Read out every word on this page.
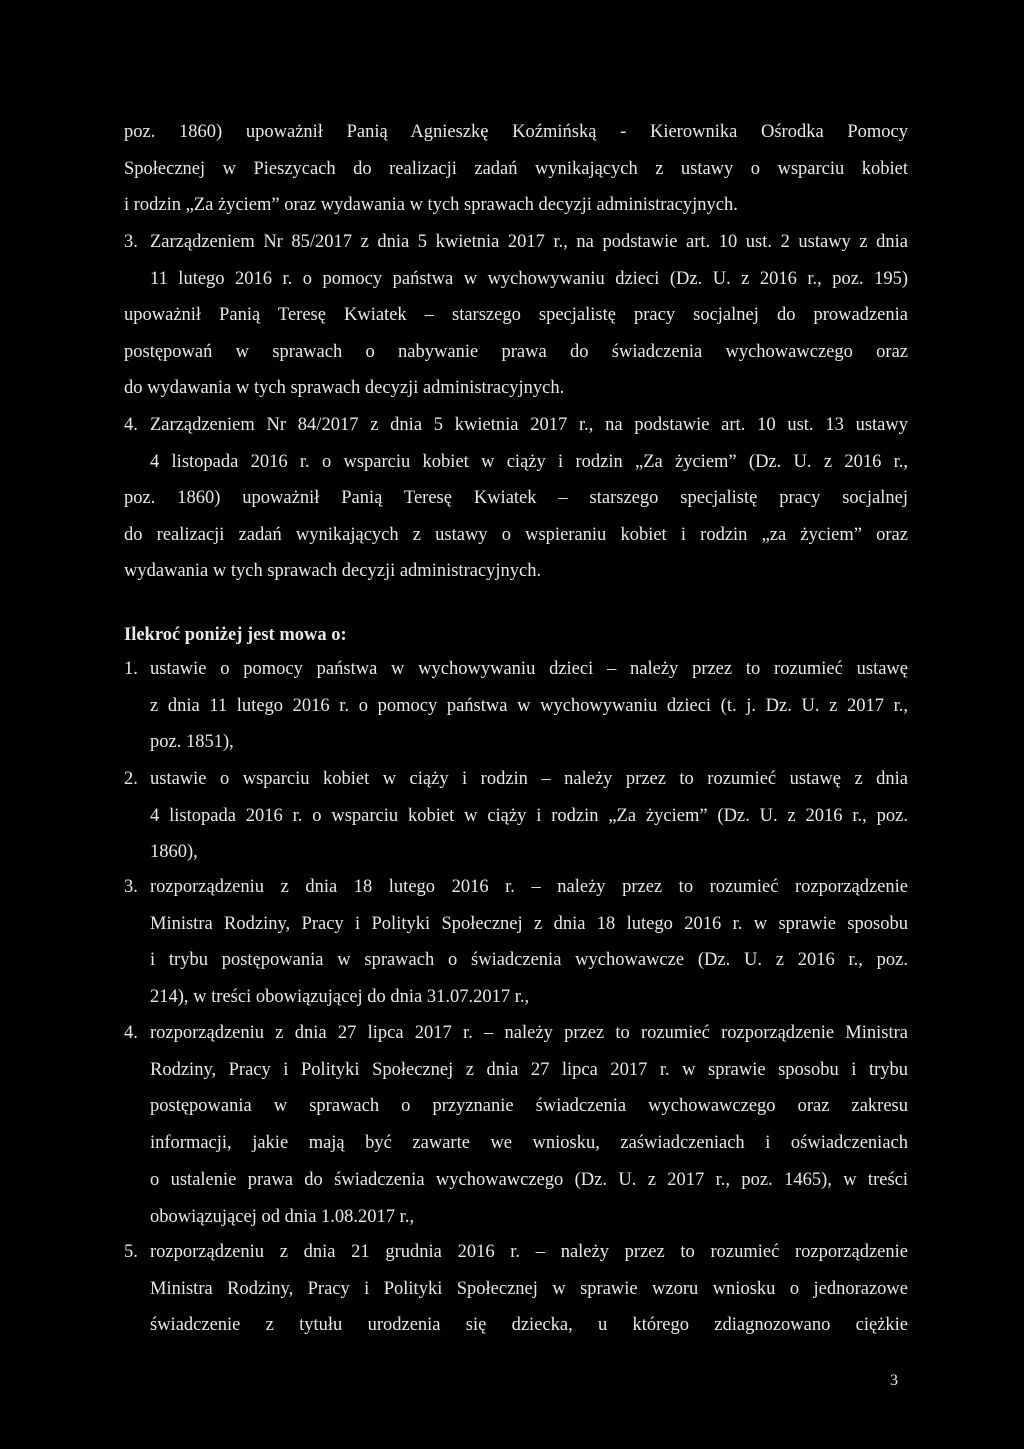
poz. 1860) upoważnił Panią Agnieszkę Koźmińską - Kierownika Ośrodka Pomocy
Społecznej w Pieszycach do realizacji zadań wynikających z ustawy o wsparciu kobiet
i rodzin „Za życiem” oraz wydawania w tych sprawach decyzji administracyjnych.
3. Zarządzeniem Nr 85/2017 z dnia 5 kwietnia 2017 r., na podstawie art. 10 ust. 2 ustawy z dnia
11 lutego 2016 r. o pomocy państwa w wychowywaniu dzieci (Dz. U. z 2016 r., poz. 195)
upoważnił Panią Teresę Kwiatek – starszego specjalistę pracy socjalnej do prowadzenia
postępowań w sprawach o nabywanie prawa do świadczenia wychowawczego oraz
do wydawania w tych sprawach decyzji administracyjnych.
4. Zarządzeniem Nr 84/2017 z dnia 5 kwietnia 2017 r., na podstawie art. 10 ust. 13 ustawy
4 listopada 2016 r. o wsparciu kobiet w ciąży i rodzin „Za życiem” (Dz. U. z 2016 r.,
poz. 1860) upoważnił Panią Teresę Kwiatek – starszego specjalistę pracy socjalnej
do realizacji zadań wynikających z ustawy o wspieraniu kobiet i rodzin „za życiem” oraz
wydawania w tych sprawach decyzji administracyjnych.
Ilekroć poniżej jest mowa o:
1. ustawie o pomocy państwa w wychowywaniu dzieci – należy przez to rozumieć ustawę
z dnia 11 lutego 2016 r. o pomocy państwa w wychowywaniu dzieci (t. j. Dz. U. z 2017 r.,
poz. 1851),
2. ustawie o wsparciu kobiet w ciąży i rodzin – należy przez to rozumieć ustawę z dnia
4 listopada 2016 r. o wsparciu kobiet w ciąży i rodzin „Za życiem” (Dz. U. z 2016 r., poz.
1860),
3. rozporządzeniu z dnia 18 lutego 2016 r. – należy przez to rozumieć rozporządzenie
Ministra Rodziny, Pracy i Polityki Społecznej z dnia 18 lutego 2016 r. w sprawie sposobu
i trybu postępowania w sprawach o świadczenia wychowawcze (Dz. U. z 2016 r., poz.
214), w treści obowiązującej do dnia 31.07.2017 r.,
4. rozporządzeniu z dnia 27 lipca 2017 r. – należy przez to rozumieć rozporządzenie Ministra
Rodziny, Pracy i Polityki Społecznej z dnia 27 lipca 2017 r. w sprawie sposobu i trybu
postępowania w sprawach o przyznanie świadczenia wychowawczego oraz zakresu
informacji, jakie mają być zawarte we wniosku, zaświadczeniach i oświadczeniach
o ustalenie prawa do świadczenia wychowawczego (Dz. U. z 2017 r., poz. 1465), w treści
obowiązującej od dnia 1.08.2017 r.,
5. rozporządzeniu z dnia 21 grudnia 2016 r. – należy przez to rozumieć rozporządzenie
Ministra Rodziny, Pracy i Polityki Społecznej w sprawie wzoru wniosku o jednorazowe
świadczenie z tytułu urodzenia się dziecka, u którego zdiagnozowano ciężkie
3
